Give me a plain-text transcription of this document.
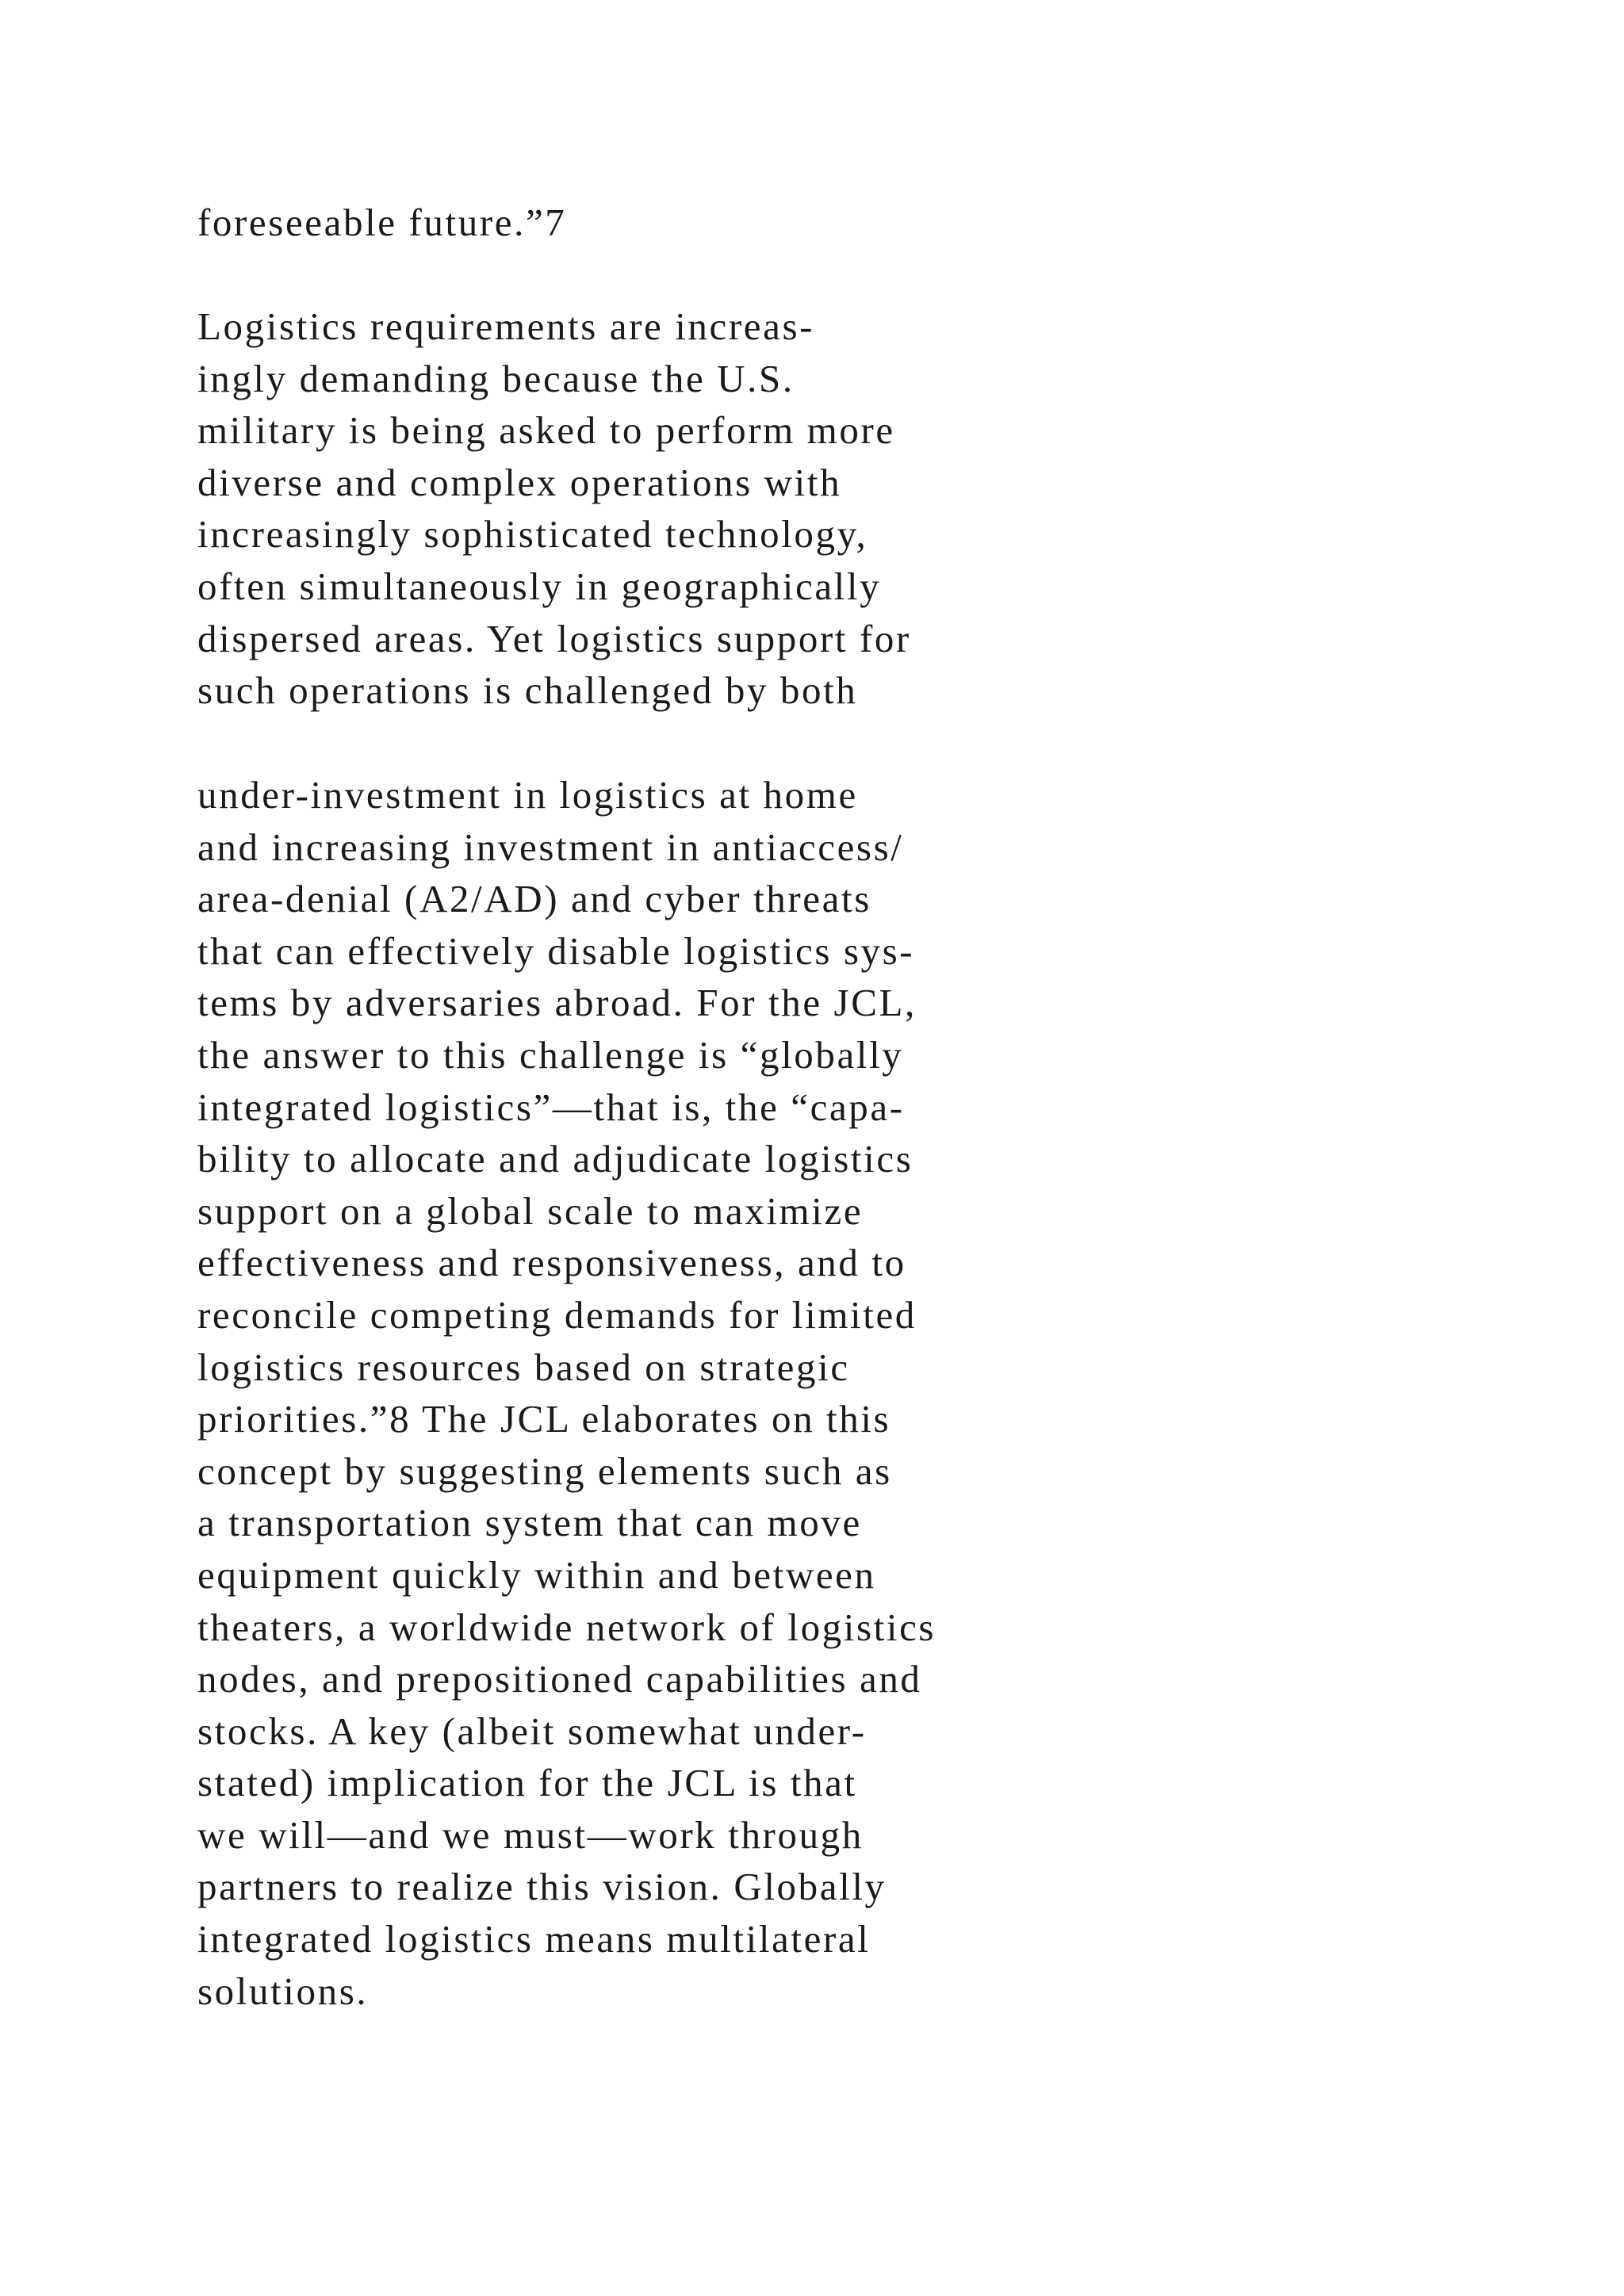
foreseeable future.”7
Logistics requirements are increas-
ingly demanding because the U.S.
military is being asked to perform more
diverse and complex operations with
increasingly sophisticated technology,
often simultaneously in geographically
dispersed areas. Yet logistics support for
such operations is challenged by both
under-investment in logistics at home
and increasing investment in antiaccess/
area-denial (A2/AD) and cyber threats
that can effectively disable logistics sys-
tems by adversaries abroad. For the JCL,
the answer to this challenge is “globally
integrated logistics”—that is, the “capa-
bility to allocate and adjudicate logistics
support on a global scale to maximize
effectiveness and responsiveness, and to
reconcile competing demands for limited
logistics resources based on strategic
priorities.”8 The JCL elaborates on this
concept by suggesting elements such as
a transportation system that can move
equipment quickly within and between
theaters, a worldwide network of logistics
nodes, and prepositioned capabilities and
stocks. A key (albeit somewhat under-
stated) implication for the JCL is that
we will—and we must—work through
partners to realize this vision. Globally
integrated logistics means multilateral
solutions.
